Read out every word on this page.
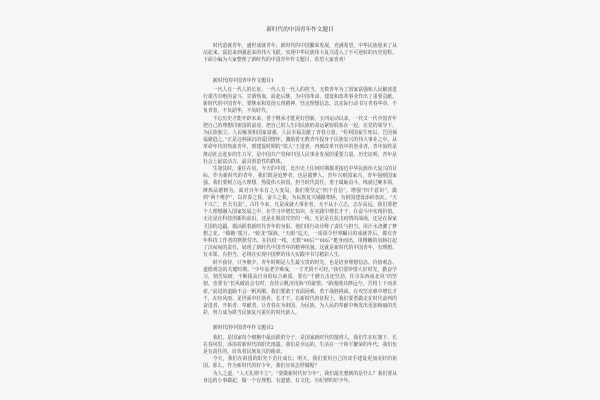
新时代的中国青年作文题目

时代造就青年，盛世成就青年。新时代的中国繁荣发展，充满希望，中华民族迎来了从站起来、富起来到强起来的伟大飞跃，实现中华民族伟大复兴进入了不可逆转的历史进程。下面小编为大家整理了新时代的中国青年作文题目，希望大家喜欢！

新时代的中国青年作文题目1

一代人有一代人的长征，一代人有一代人的担当。无数青年为了国家富强和人民解放进行艰苦卓绝的奋斗，甘洒热血，前赴后继，为中国革命、建设和改革事业作出了重要贡献。新时代的中国青年，要继承和发扬五四精神，坚定理想信念，以实际行动书写青春华章，不负青春，不负韶华，不负时代。

不忘历史才能开辟未来，善于继承才能更好创新。五四运动以来，一代又一代中国青年把自己的理想同祖国的前途、把自己的人生同民族的命运紧密联系在一起，在党的领导下，为民族独立、人民解放和国家富强、人民幸福贡献了青春力量。“苟利国家生死以，岂因祸福避趋之。”正是这种深沉的爱国情怀，激励着无数青年投身于民族复兴的伟大事业之中。从革命年代的热血青年，到建设时期的“铁人”王进喜，再到改革开放中的创业者，青年始终是推动社会进步的生力军，是中国共产党和中国人民事业发展的重要力量。历史证明，青年是社会上最富活力、最具创造性的群体。

生逢其时，重任在肩。今天的中国，比历史上任何时期都更接近中华民族伟大复兴的目标。作为新时代的青年，我们既是追梦者，也是圆梦人。青年兴则国家兴，青年强则国家强。我们要树立远大理想，热爱伟大祖国，担当时代责任，勇于砥砺奋斗，练就过硬本领，锤炼品德修为。面对百年未有之大变局，我们要坚定“四个自信”，增强“四个意识”，做到“两个维护”，以青春之我、奋斗之我，为民族复兴铺路架桥，为祖国建设添砖加瓦。“天下兴亡，匹夫有责”。古往今来，凡是成就大事业者，无不从小立志，志存高远。我们要把个人理想融入国家发展之中，在学习中增长知识，在实践中增长才干，在奋斗中实现价值。无论是在科技创新的前沿，还是在脱贫攻坚的一线；无论是在抗击疫情的战场，还是在保家卫国的边疆，都活跃着新时代青年的身影。他们用行动诠释了责任与担当，用汗水浇灌了梦想之花。“嫦娥”揽月、“蛟龙”探海、“天眼”巡天，一项项令世界瞩目的成就背后，都有青年科技工作者的默默付出。在抗疫一线，无数“90后”“00后”挺身而出，用稚嫩的肩膀扛起了沉甸甸的责任，展现了新时代中国青年的精神风貌。这就是新时代的中国青年，有理想、有本领、有担当，必将在实现中国梦的伟大实践中书写精彩人生。

时不我待，只争朝夕。青年时期是人生最宝贵的时光，也是培养理想信念、价值观念、道德观念的关键时期。“少年易老学难成，一寸光阴不可轻。”我们要珍惜大好时光，勤奋学习，刻苦钻研，不断提高自身的综合素质。要有“千磨万击还坚劲，任尔东西南北风”的坚韧，也要有“长风破浪会有时，直挂云帆济沧海”的豪情。“路漫漫其修远兮，吾将上下而求索。”前进的道路不会一帆风顺，我们要敢于直面困难，勇于战胜挑战，在攻坚克难中增长才干，在经风雨、见世面中壮筋骨、长才干。在新时代的征程上，我们要勇做走在时代前列的奋进者、开拓者、奉献者，让青春在为祖国、为民族、为人民的奉献中焕发出更加绚丽的光彩，努力成为堪当民族复兴重任的时代新人。

新时代的中国青年作文题目2

我们，是国家每个细胞中最活跃的分子，是国家新时代的接班人。我们生在红旗下，长在春风里，沐浴着新时代的阳光雨露。我们是幸运的，生活在一个和平繁荣的年代；我们也是有责任的，肩负着民族复兴的使命。

今天，我们在祖国的阳光下茁壮成长；明天，我们要用自己的双手建设更加美好的祖国。那么，作为新时代的好少年，我们应该怎样做呢？

为人之道，“人无礼则不立”。“要做新时代好少年”，我们最先想到的是什么？我们要从身边的小事做起，做一个有理想、有道德、有文化、有纪律的好少年。
